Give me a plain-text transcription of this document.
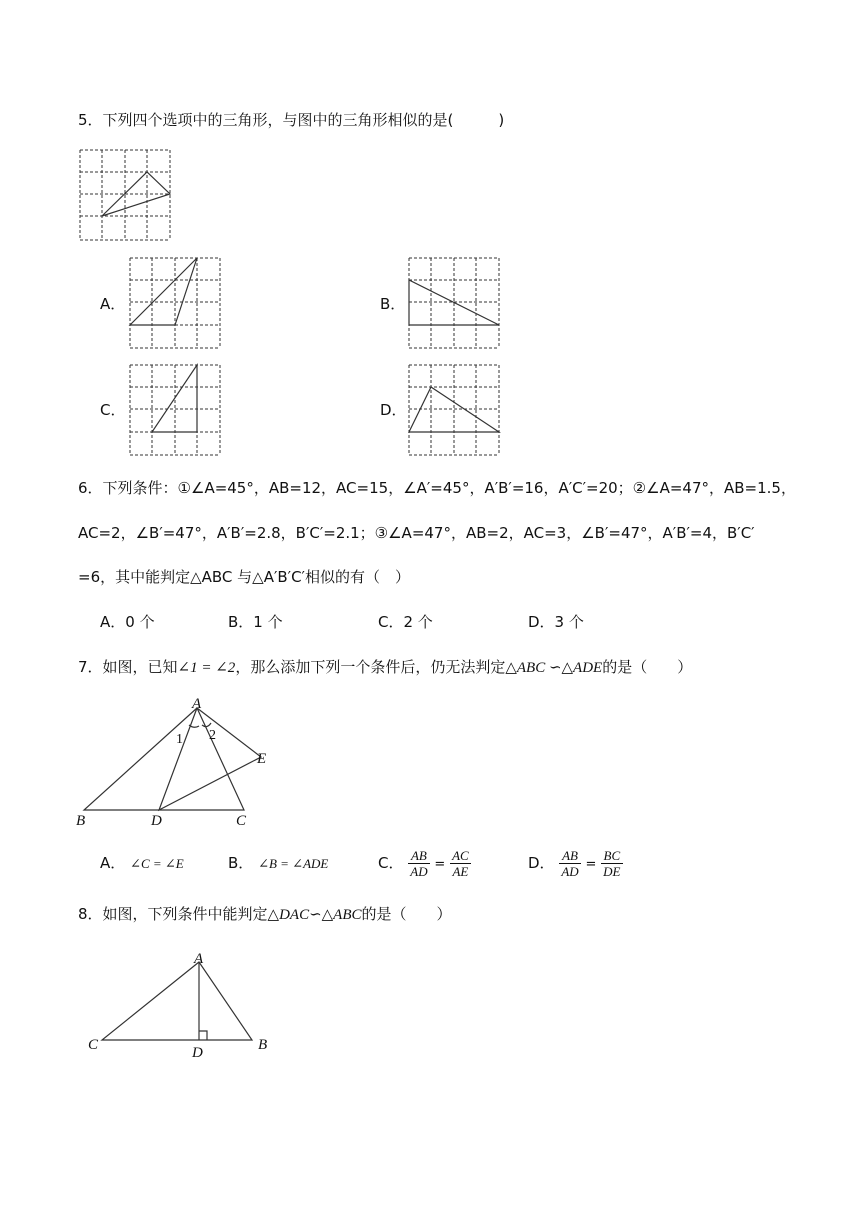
5．下列四个选项中的三角形，与图中的三角形相似的是(　　　)
A．	B．
C．	D．
6．下列条件：①∠A=45°，AB=12，AC=15，∠A′=45°，A′B′=16，A′C′=20；②∠A=47°，AB=1.5，
AC=2，∠B′=47°，A′B′=2.8，B′C′=2.1；③∠A=47°，AB=2，AC=3，∠B′=47°，A′B′=4，B′C′
=6，其中能判定△ABC 与△A′B′C′相似的有（　）
A．0 个	B．1 个	C．2 个	D．3 个
7．如图，已知∠1 = ∠2，那么添加下列一个条件后，仍无法判定△ABC ∽△ADE的是（　　）
A
B	C
D
E
1 2
A． ∠C = ∠E	B． ∠B = ∠ADE	C． $\frac{AB}{AD} = \frac{AC}{AE}$	D． $\frac{AB}{AD} = \frac{BC}{DE}$
8．如图，下列条件中能判定△DAC∽△ABC的是（　　）
A
C	B
D
